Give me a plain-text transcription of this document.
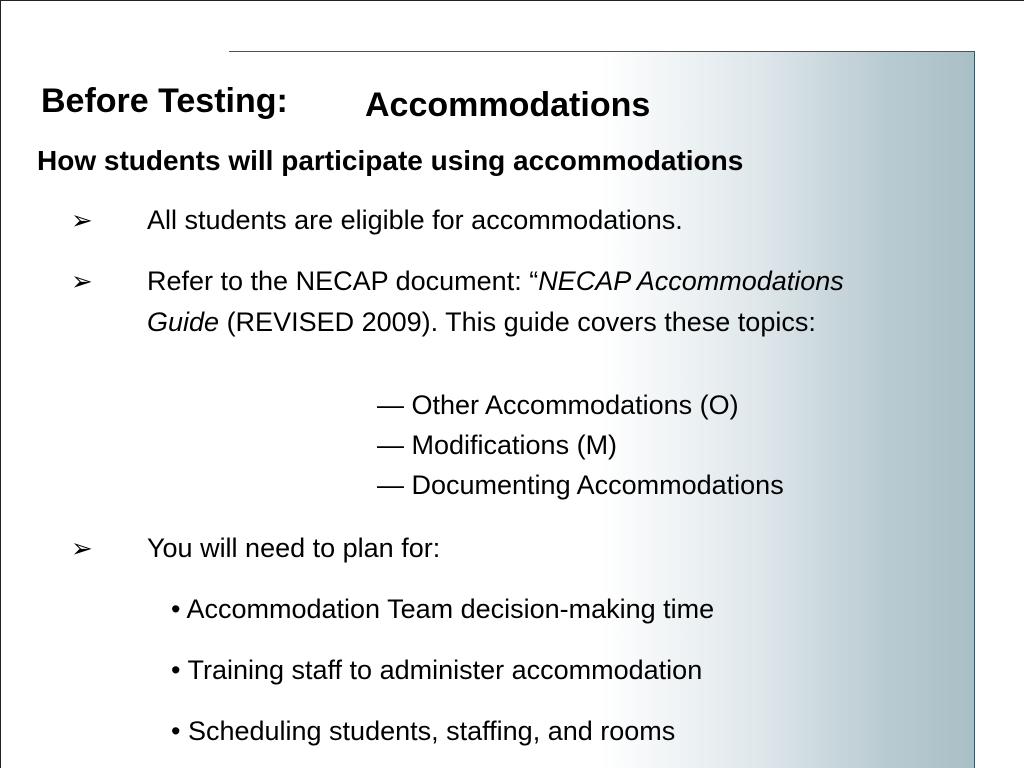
Before Testing: Accommodations
How students will participate using accommodations
➢ All students are eligible for accommodations.
➢ Refer to the NECAP document: “NECAP Accommodations Guide (REVISED 2009). This guide covers these topics:
— Other Accommodations (O)
— Modifications (M)
— Documenting Accommodations
➢ You will need to plan for:
• Accommodation Team decision-making time
• Training staff to administer accommodation
• Scheduling students, staffing, and rooms
